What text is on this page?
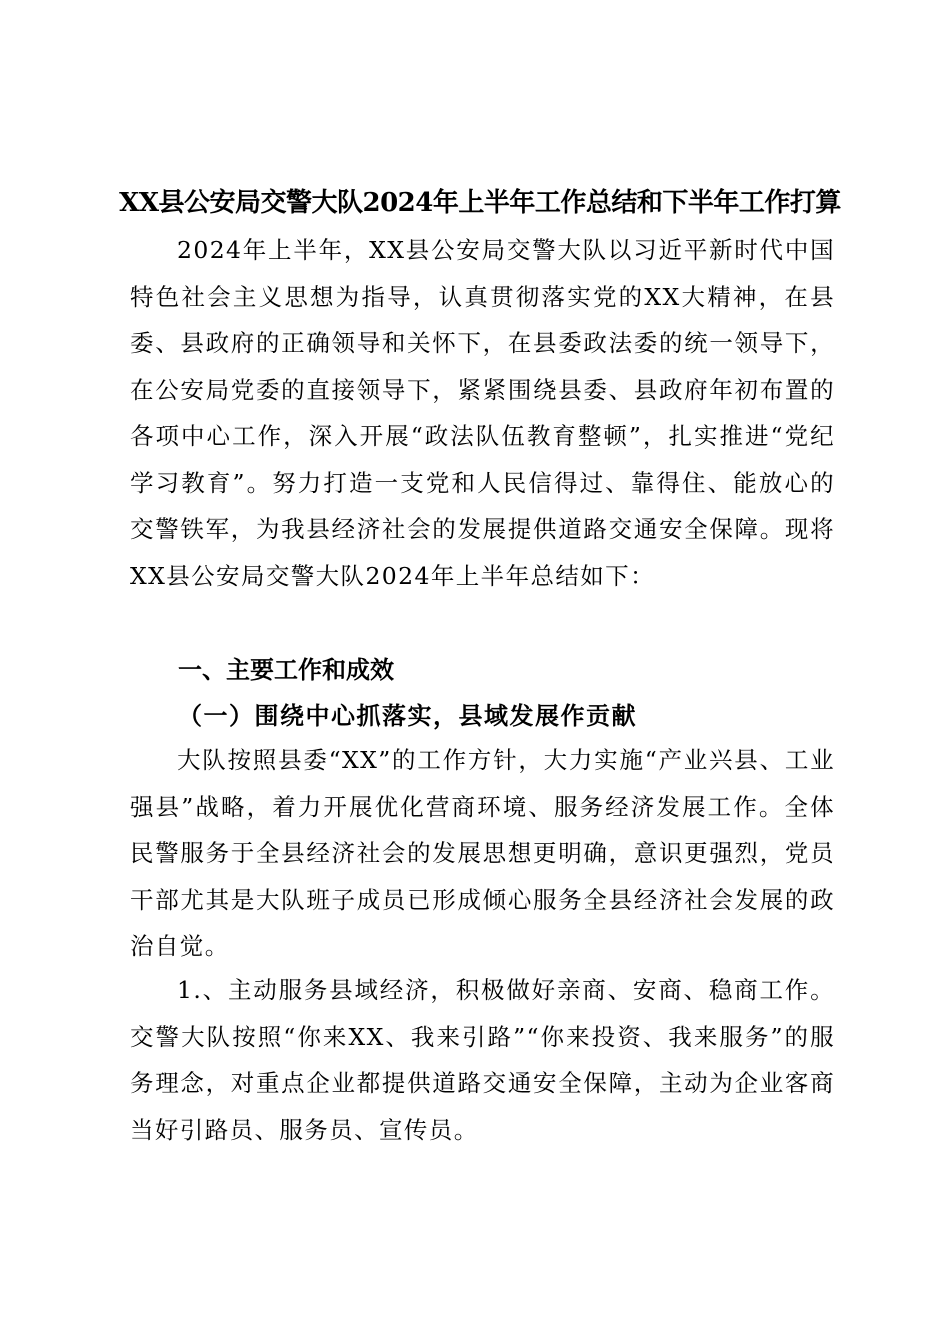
XX县公安局交警大队2024年上半年工作总结和下半年工作打算

2024年上半年，XX县公安局交警大队以习近平新时代中国特色社会主义思想为指导，认真贯彻落实党的XX大精神，在县委、县政府的正确领导和关怀下，在县委政法委的统一领导下，在公安局党委的直接领导下，紧紧围绕县委、县政府年初布置的各项中心工作，深入开展“政法队伍教育整顿”，扎实推进“党纪学习教育”。努力打造一支党和人民信得过、靠得住、能放心的交警铁军，为我县经济社会的发展提供道路交通安全保障。现将XX县公安局交警大队2024年上半年总结如下：

一、主要工作和成效
（一）围绕中心抓落实，县域发展作贡献

大队按照县委“XX”的工作方针，大力实施“产业兴县、工业强县”战略，着力开展优化营商环境、服务经济发展工作。全体民警服务于全县经济社会的发展思想更明确，意识更强烈，党员干部尤其是大队班子成员已形成倾心服务全县经济社会发展的政治自觉。

1.、主动服务县域经济，积极做好亲商、安商、稳商工作。交警大队按照“你来XX、我来引路”“你来投资、我来服务”的服务理念，对重点企业都提供道路交通安全保障，主动为企业客商当好引路员、服务员、宣传员。
